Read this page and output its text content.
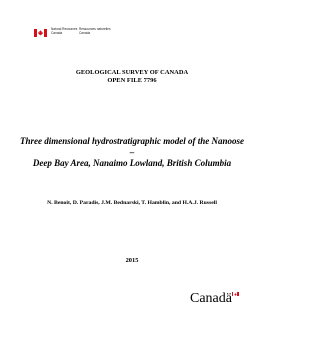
Natural Resources
Canada
Ressources naturelles
Canada
GEOLOGICAL SURVEY OF CANADA
OPEN FILE 7796
Three dimensional hydrostratigraphic model of the Nanoose –
Deep Bay Area, Nanaimo Lowland, British Columbia
N. Benoit, D. Paradis, J.M. Bednarski, T. Hamblin, and H.A.J. Russell
2015
Canadä
